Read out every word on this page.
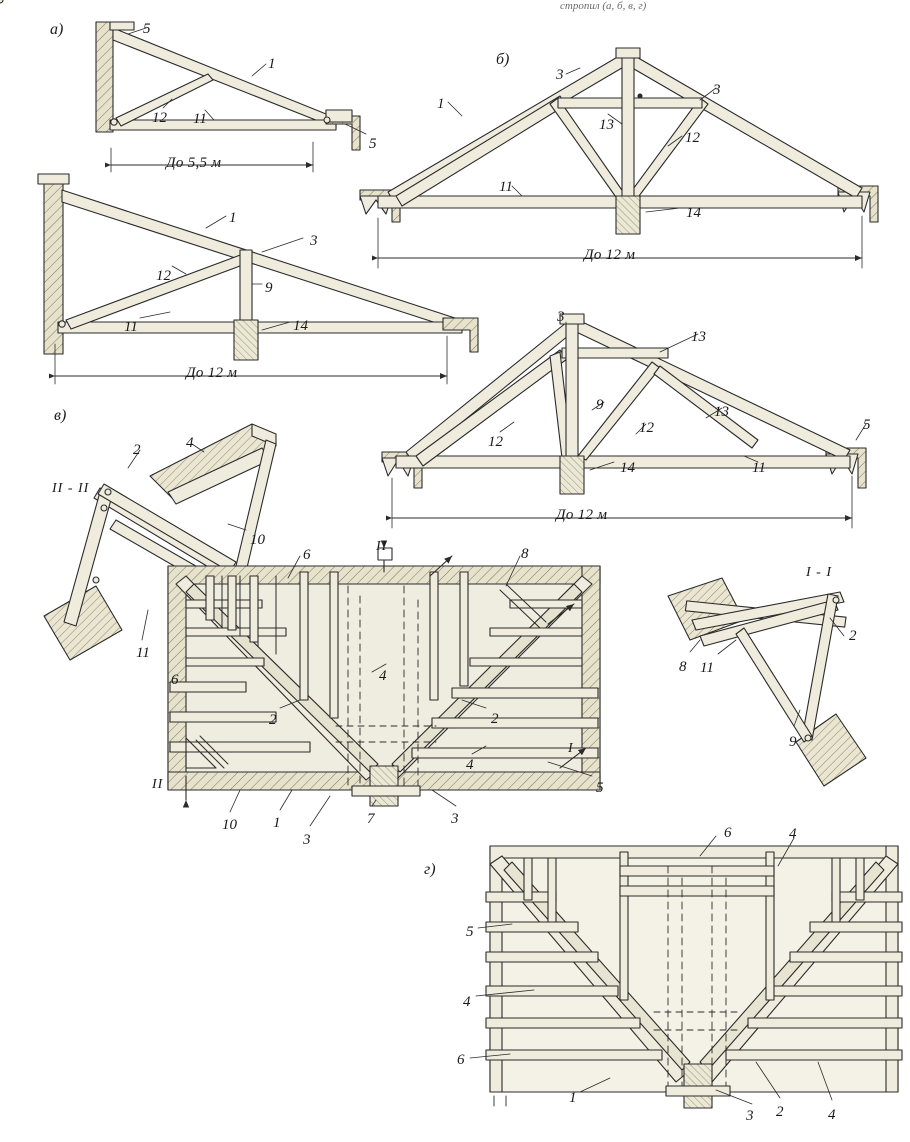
стропил (а, б, в, г)
а)
б)
в)
г)
До 5,5 м
До 12 м
До 12 м
До 12 м
II - II
II
II
I - I
I
5
1
12 11
5
1
3
12
9
14
11
3
3
1
13
12
11
14
3
13
9	13
12
12
5
14	11
2	4
10
11
6
6	8
4
2	2
4
5
10 1
3
7	3
2
8 11
9
6	4
5
4
6
1
3 2	4
